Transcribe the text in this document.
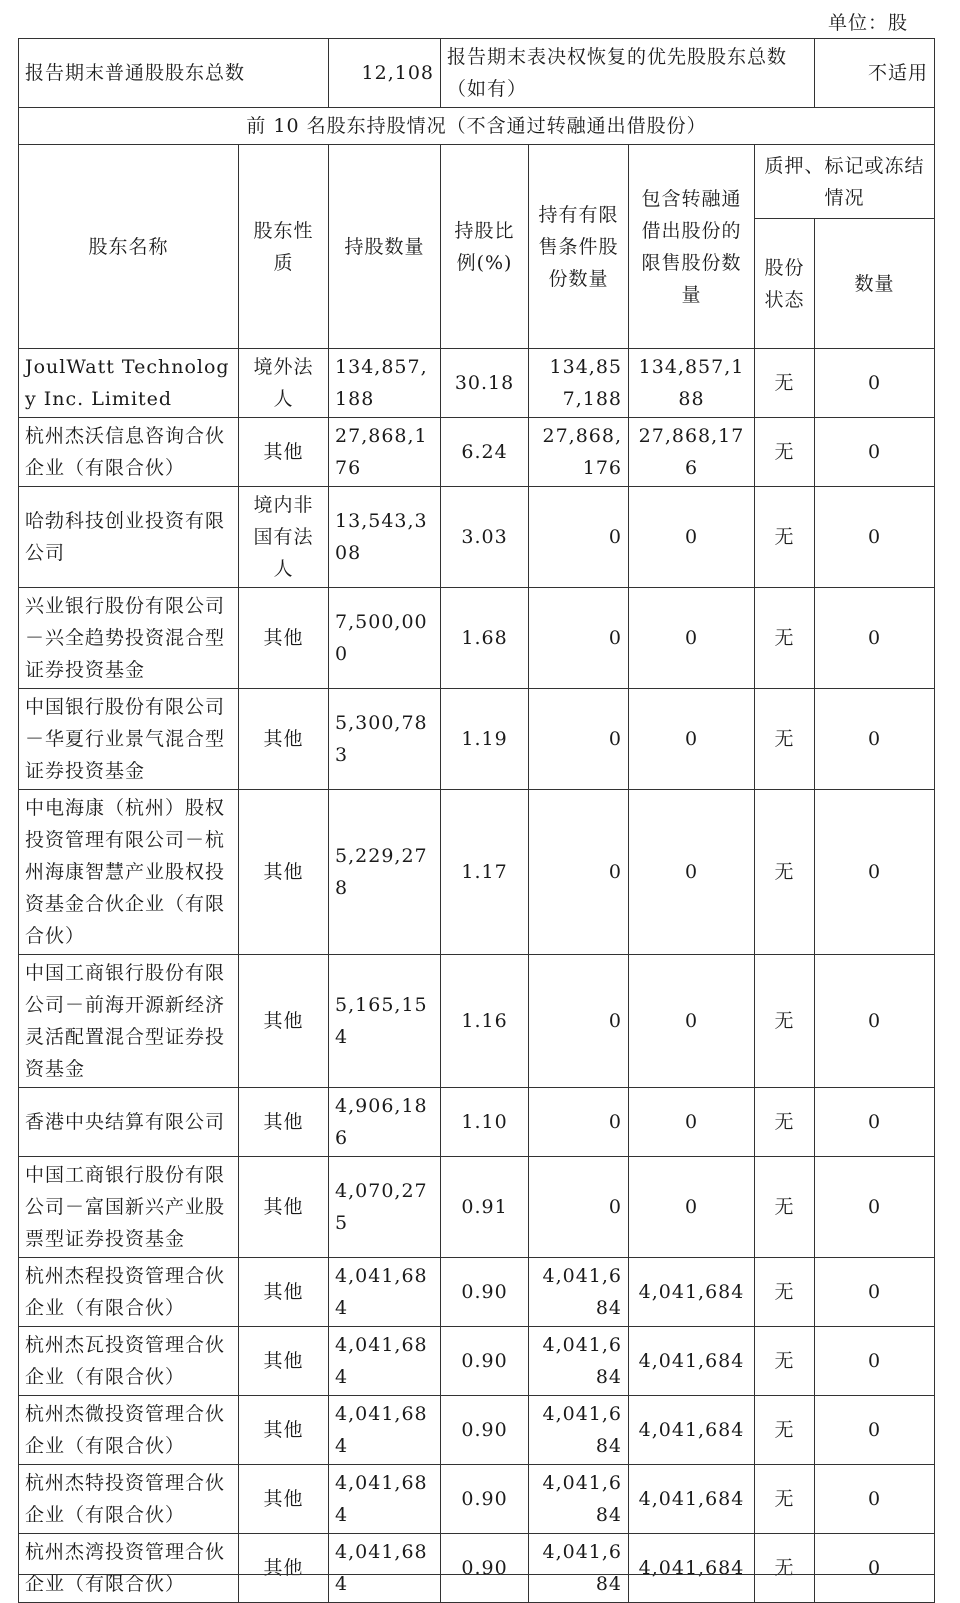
单位：股
报告期末普通股股东总数		12,108	报告期末表决权恢复的优先股股东总数（如有）				不适用
前 10 名股东持股情况（不含通过转融通出借股份）							
股东名称	股东性质	持股数量	持股比例(%)	持有有限售条件股份数量	包含转融通借出股份的限售股份数量	质押、标记或冻结情况	
						股份状态	数量
JoulWatt Technology Inc. Limited	境外法人	134,857,188	30.18	134,857,188	134,857,188	无	0
杭州杰沃信息咨询合伙企业（有限合伙）	其他	27,868,176	6.24	27,868,176	27,868,176	无	0
哈勃科技创业投资有限公司	境内非国有法人	13,543,308	3.03	0	0	无	0
兴业银行股份有限公司－兴全趋势投资混合型证券投资基金	其他	7,500,000	1.68	0	0	无	0
中国银行股份有限公司－华夏行业景气混合型证券投资基金	其他	5,300,783	1.19	0	0	无	0
中电海康（杭州）股权投资管理有限公司－杭州海康智慧产业股权投资基金合伙企业（有限合伙）	其他	5,229,278	1.17	0	0	无	0
中国工商银行股份有限公司－前海开源新经济灵活配置混合型证券投资基金	其他	5,165,154	1.16	0	0	无	0
香港中央结算有限公司	其他	4,906,186	1.10	0	0	无	0
中国工商银行股份有限公司－富国新兴产业股票型证券投资基金	其他	4,070,275	0.91	0	0	无	0
杭州杰程投资管理合伙企业（有限合伙）	其他	4,041,684	0.90	4,041,684	4,041,684	无	0
杭州杰瓦投资管理合伙企业（有限合伙）	其他	4,041,684	0.90	4,041,684	4,041,684	无	0
杭州杰微投资管理合伙企业（有限合伙）	其他	4,041,684	0.90	4,041,684	4,041,684	无	0
杭州杰特投资管理合伙企业（有限合伙）	其他	4,041,684	0.90	4,041,684	4,041,684	无	0
杭州杰湾投资管理合伙企业（有限合伙）	其他	4,041,684	0.90	4,041,684	4,041,684	无	0
